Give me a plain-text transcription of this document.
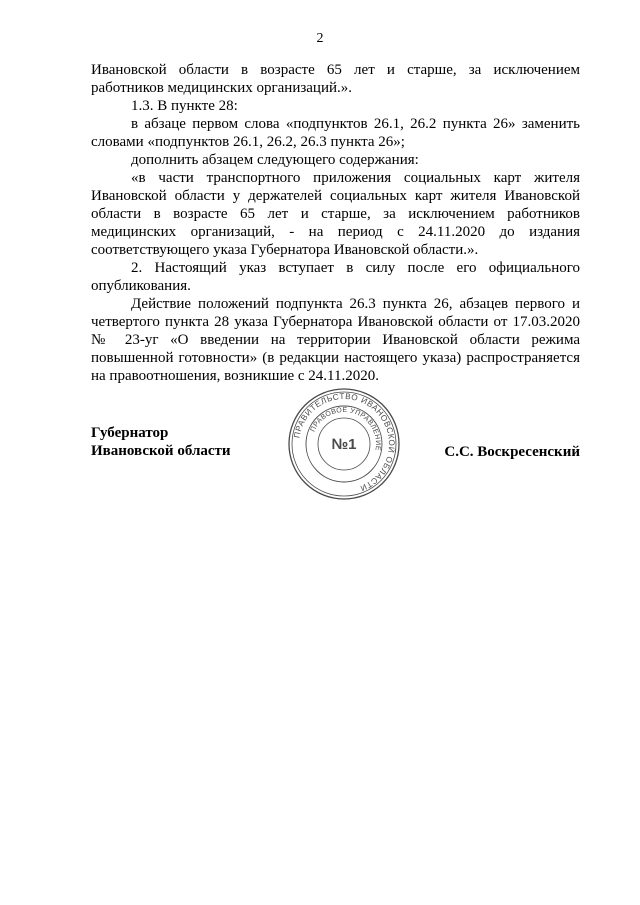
2

Ивановской области в возрасте 65 лет и старше, за исключением работников медицинских организаций.».

1.3. В пункте 28:

в абзаце первом слова «подпунктов 26.1, 26.2 пункта 26» заменить словами «подпунктов 26.1, 26.2, 26.3 пункта 26»;

дополнить абзацем следующего содержания:

«в части транспортного приложения социальных карт жителя Ивановской области у держателей социальных карт жителя Ивановской области в возрасте 65 лет и старше, за исключением работников медицинских организаций, - на период с 24.11.2020 до издания соответствующего указа Губернатора Ивановской области.».

2. Настоящий указ вступает в силу после его официального опубликования.

Действие положений подпункта 26.3 пункта 26, абзацев первого и четвертого пункта 28 указа Губернатора Ивановской области от 17.03.2020 № 23-уг «О введении на территории Ивановской области режима повышенной готовности» (в редакции настоящего указа) распространяется на правоотношения, возникшие с 24.11.2020.

Губернатор
Ивановской области	С.С. Воскресенский
ПРАВИТЕЛЬСТВО ИВАНОВСКОЙ ОБЛАСТИ
ПРАВОВОЕ УПРАВЛЕНИЕ
№1
